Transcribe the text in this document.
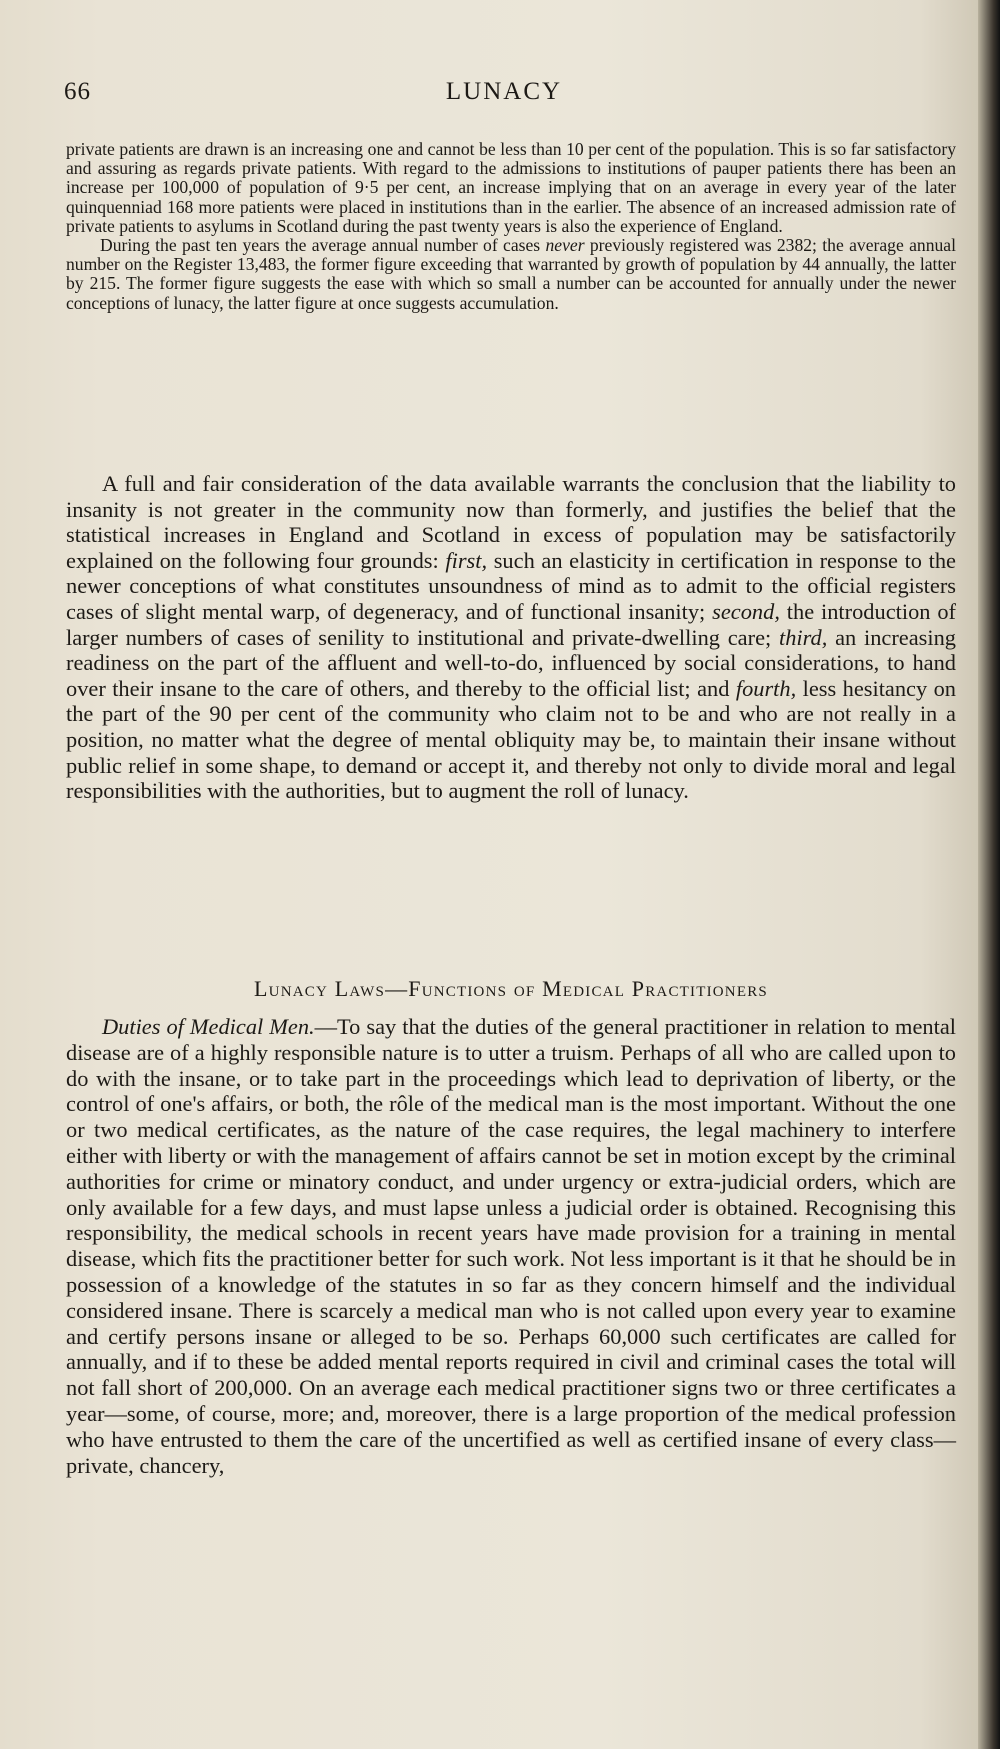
66	LUNACY

private patients are drawn is an increasing one and cannot be less than 10 per cent of the population. This is so far satisfactory and assuring as regards private patients. With regard to the admissions to institutions of pauper patients there has been an increase per 100,000 of population of 9·5 per cent, an increase implying that on an average in every year of the later quinquenniad 168 more patients were placed in institutions than in the earlier. The absence of an increased admission rate of private patients to asylums in Scotland during the past twenty years is also the experience of England.

During the past ten years the average annual number of cases never previously registered was 2382; the average annual number on the Register 13,483, the former figure exceeding that warranted by growth of population by 44 annually, the latter by 215. The former figure suggests the ease with which so small a number can be accounted for annually under the newer conceptions of lunacy, the latter figure at once suggests accumulation.

A full and fair consideration of the data available warrants the conclusion that the liability to insanity is not greater in the community now than formerly, and justifies the belief that the statistical increases in England and Scotland in excess of population may be satisfactorily explained on the following four grounds: first, such an elasticity in certification in response to the newer conceptions of what constitutes unsoundness of mind as to admit to the official registers cases of slight mental warp, of degeneracy, and of functional insanity; second, the introduction of larger numbers of cases of senility to institutional and private-dwelling care; third, an increasing readiness on the part of the affluent and well-to-do, influenced by social considerations, to hand over their insane to the care of others, and thereby to the official list; and fourth, less hesitancy on the part of the 90 per cent of the community who claim not to be and who are not really in a position, no matter what the degree of mental obliquity may be, to maintain their insane without public relief in some shape, to demand or accept it, and thereby not only to divide moral and legal responsibilities with the authorities, but to augment the roll of lunacy.

Lunacy Laws—Functions of Medical Practitioners

Duties of Medical Men.—To say that the duties of the general practitioner in relation to mental disease are of a highly responsible nature is to utter a truism. Perhaps of all who are called upon to do with the insane, or to take part in the proceedings which lead to deprivation of liberty, or the control of one's affairs, or both, the rôle of the medical man is the most important. Without the one or two medical certificates, as the nature of the case requires, the legal machinery to interfere either with liberty or with the management of affairs cannot be set in motion except by the criminal authorities for crime or minatory conduct, and under urgency or extra-judicial orders, which are only available for a few days, and must lapse unless a judicial order is obtained. Recognising this responsibility, the medical schools in recent years have made provision for a training in mental disease, which fits the practitioner better for such work. Not less important is it that he should be in possession of a knowledge of the statutes in so far as they concern himself and the individual considered insane. There is scarcely a medical man who is not called upon every year to examine and certify persons insane or alleged to be so. Perhaps 60,000 such certificates are called for annually, and if to these be added mental reports required in civil and criminal cases the total will not fall short of 200,000. On an average each medical practitioner signs two or three certificates a year—some, of course, more; and, moreover, there is a large proportion of the medical profession who have entrusted to them the care of the uncertified as well as certified insane of every class—private, chancery,
